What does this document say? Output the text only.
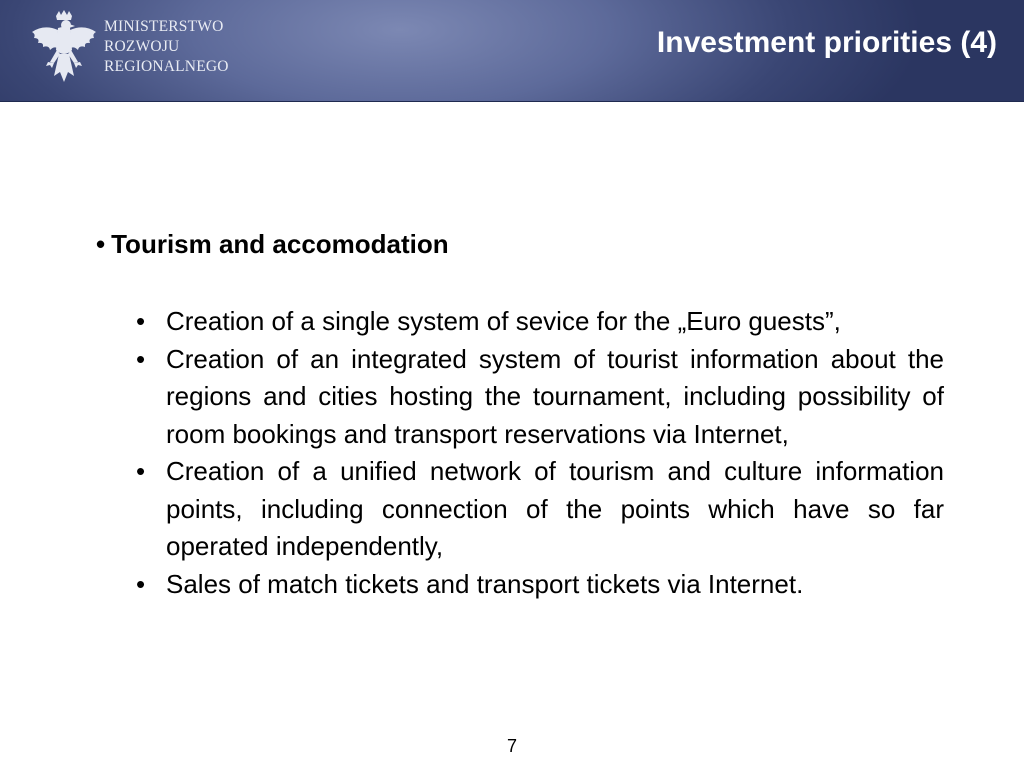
MINISTERSTWO
ROZWOJU
REGIONALNEGO
Investment priorities (4)
• Tourism and accomodation
• Creation of a single system of sevice for the „Euro guests”,
• Creation of an integrated system of tourist information about the regions and cities hosting the tournament, including possibility of room bookings and transport reservations via Internet,
• Creation of a unified network of tourism and culture information points, including connection of the points which have so far operated independently,
• Sales of match tickets and transport tickets via Internet.
7
